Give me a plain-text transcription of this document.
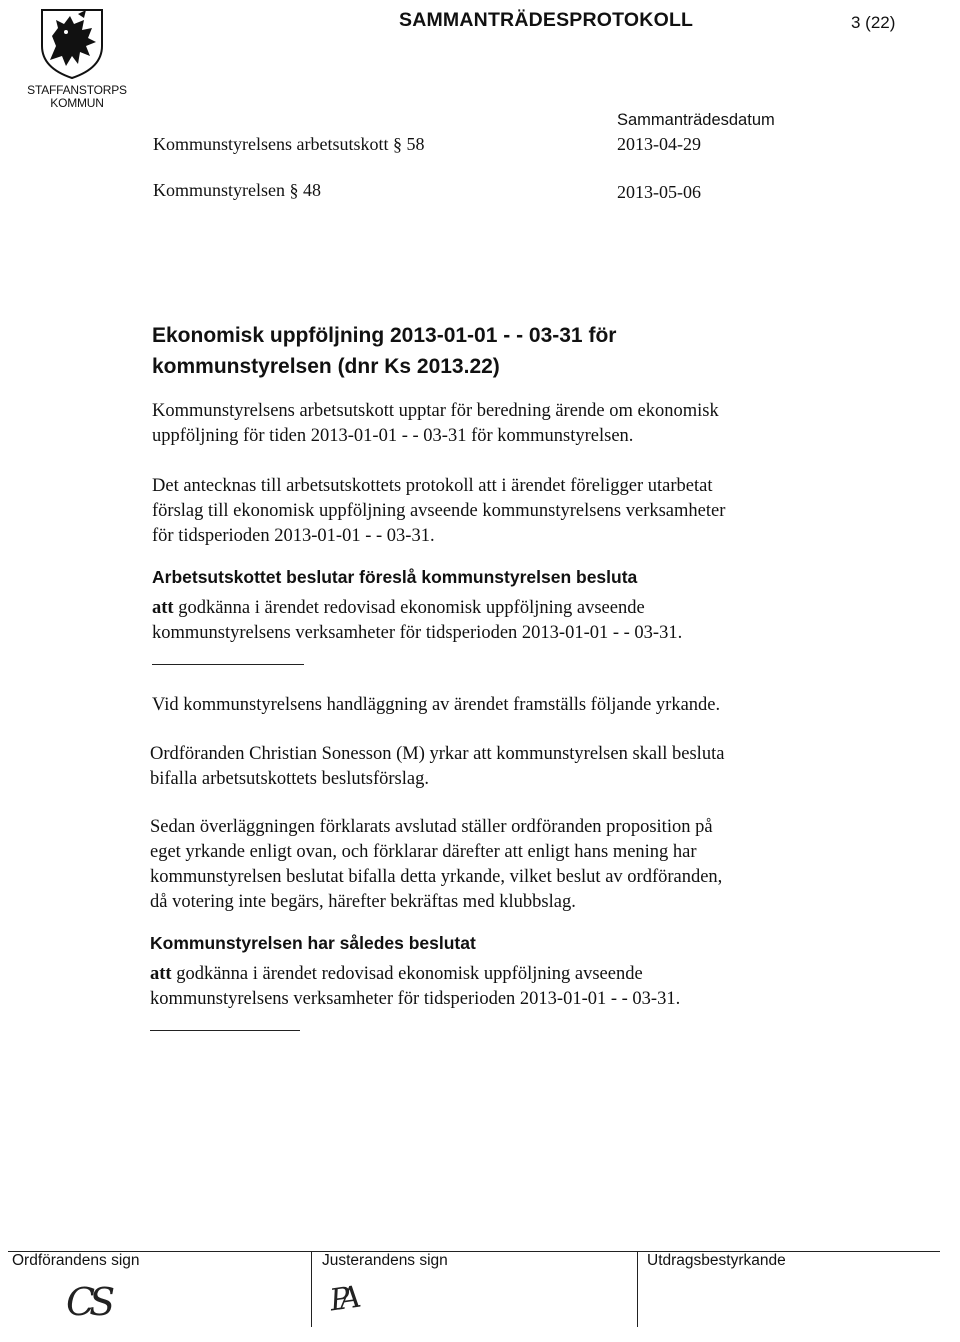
STAFFANSTORPS
KOMMUN
SAMMANTRÄDESPROTOKOLL	3 (22)
Sammanträdesdatum
Kommunstyrelsens arbetsutskott § 58	2013-04-29
Kommunstyrelsen § 48	2013-05-06
Ekonomisk uppföljning 2013-01-01 - - 03-31 för
kommunstyrelsen (dnr Ks 2013.22)
Kommunstyrelsens arbetsutskott upptar för beredning ärende om ekonomisk
uppföljning för tiden 2013-01-01 - - 03-31 för kommunstyrelsen.
Det antecknas till arbetsutskottets protokoll att i ärendet föreligger utarbetat
förslag till ekonomisk uppföljning avseende kommunstyrelsens verksamheter
för tidsperioden 2013-01-01 - - 03-31.
Arbetsutskottet beslutar föreslå kommunstyrelsen besluta
att godkänna i ärendet redovisad ekonomisk uppföljning avseende
kommunstyrelsens verksamheter för tidsperioden 2013-01-01 - - 03-31.
Vid kommunstyrelsens handläggning av ärendet framställs följande yrkande.
Ordföranden Christian Sonesson (M) yrkar att kommunstyrelsen skall besluta
bifalla arbetsutskottets beslutsförslag.
Sedan överläggningen förklarats avslutad ställer ordföranden proposition på
eget yrkande enligt ovan, och förklarar därefter att enligt hans mening har
kommunstyrelsen beslutat bifalla detta yrkande, vilket beslut av ordföranden,
då votering inte begärs, härefter bekräftas med klubbslag.
Kommunstyrelsen har således beslutat
att godkänna i ärendet redovisad ekonomisk uppföljning avseende
kommunstyrelsens verksamheter för tidsperioden 2013-01-01 - - 03-31.
Ordförandens sign	Justerandens sign	Utdragsbestyrkande
CS	PA
